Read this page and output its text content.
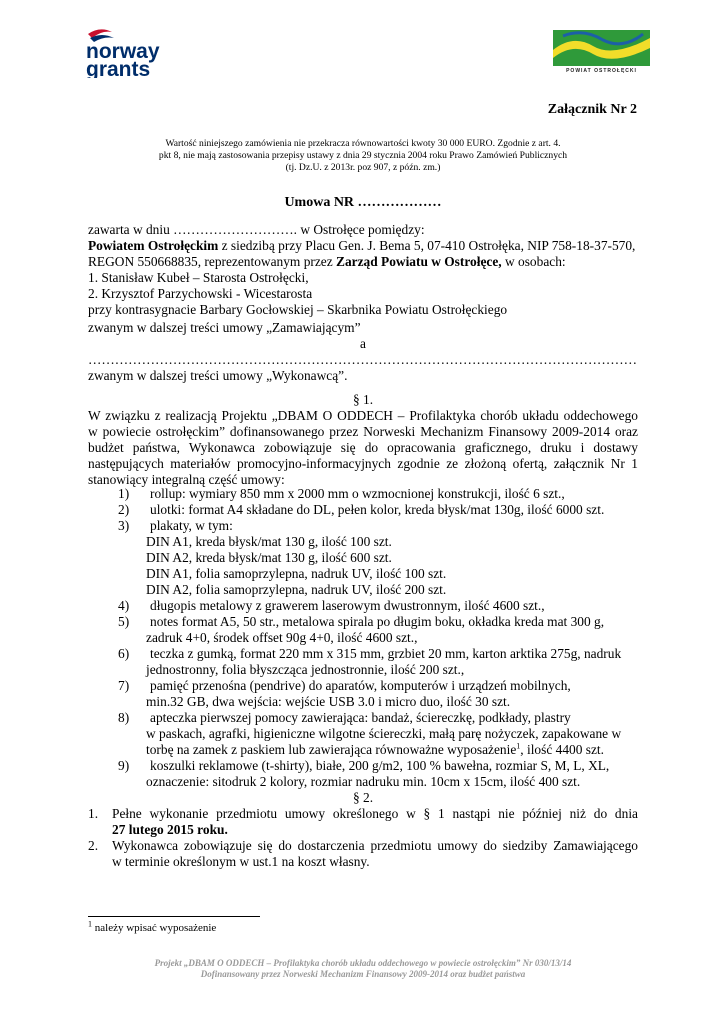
norway
grants	POWIAT OSTROŁĘCKI
Załącznik Nr 2
Wartość niniejszego zamówienia nie przekracza równowartości kwoty 30 000 EURO. Zgodnie z art. 4.
pkt 8, nie mają zastosowania przepisy ustawy z dnia 29 stycznia 2004 roku Prawo Zamówień Publicznych
(tj. Dz.U. z 2013r. poz 907, z późn. zm.)
Umowa NR ………………
zawarta w dniu ………………………. w Ostrołęce pomiędzy:
Powiatem Ostrołęckim z siedzibą przy Placu Gen. J. Bema 5, 07-410 Ostrołęka, NIP 758-18-37-570,
REGON 550668835, reprezentowanym przez Zarząd Powiatu w Ostrołęce, w osobach:
1. Stanisław Kubeł – Starosta Ostrołęcki,
2. Krzysztof Parzychowski - Wicestarosta
przy kontrasygnacie Barbary Gocłowskiej – Skarbnika Powiatu Ostrołęckiego
zwanym w dalszej treści umowy „Zamawiającym”
a
……………………………………………………………………………………………………………
zwanym w dalszej treści umowy „Wykonawcą”.
§ 1.
W związku z realizacją Projektu „DBAM O ODDECH – Profilaktyka chorób układu oddechowego
w powiecie ostrołęckim” dofinansowanego przez Norweski Mechanizm Finansowy 2009-2014 oraz
budżet państwa, Wykonawca zobowiązuje się do opracowania graficznego, druku i dostawy
następujących materiałów promocyjno-informacyjnych zgodnie ze złożoną ofertą, załącznik Nr 1
stanowiący integralną część umowy:
1) rollup: wymiary 850 mm x 2000 mm o wzmocnionej konstrukcji, ilość 6 szt.,
2) ulotki: format A4 składane do DL, pełen kolor, kreda błysk/mat 130g, ilość 6000 szt.
3) plakaty, w tym:
DIN A1, kreda błysk/mat 130 g, ilość 100 szt.
DIN A2, kreda błysk/mat 130 g, ilość 600 szt.
DIN A1, folia samoprzylepna, nadruk UV, ilość 100 szt.
DIN A2, folia samoprzylepna, nadruk UV, ilość 200 szt.
4) długopis metalowy z grawerem laserowym dwustronnym, ilość 4600 szt.,
5) notes format A5, 50 str., metalowa spirala po długim boku, okładka kreda mat 300 g,
zadruk 4+0, środek offset 90g 4+0, ilość 4600 szt.,
6) teczka z gumką, format 220 mm x 315 mm, grzbiet 20 mm, karton arktika 275g, nadruk
jednostronny, folia błyszcząca jednostronnie, ilość 200 szt.,
7) pamięć przenośna (pendrive) do aparatów, komputerów i urządzeń mobilnych,
min.32 GB, dwa wejścia: wejście USB 3.0 i micro duo, ilość 30 szt.
8) apteczka pierwszej pomocy zawierająca: bandaż, ściereczkę, podkłady, plastry
w paskach, agrafki, higieniczne wilgotne ściereczki, małą parę nożyczek, zapakowane w
torbę na zamek z paskiem lub zawierająca równoważne wyposażenie$^1$, ilość 4400 szt.
9) koszulki reklamowe (t-shirty), białe, 200 g/m2, 100 % bawełna, rozmiar S, M, L, XL,
oznaczenie: sitodruk 2 kolory, rozmiar nadruku min. 10cm x 15cm, ilość 400 szt.
§ 2.
1. Pełne wykonanie przedmiotu umowy określonego w § 1 nastąpi nie później niż do dnia
27 lutego 2015 roku.
2. Wykonawca zobowiązuje się do dostarczenia przedmiotu umowy do siedziby Zamawiającego
w terminie określonym w ust.1 na koszt własny.
$^1$ należy wpisać wyposażenie
Projekt „DBAM O ODDECH – Profilaktyka chorób układu oddechowego w powiecie ostrołęckim” Nr 030/13/14
Dofinansowany przez Norweski Mechanizm Finansowy 2009-2014 oraz budżet państwa
